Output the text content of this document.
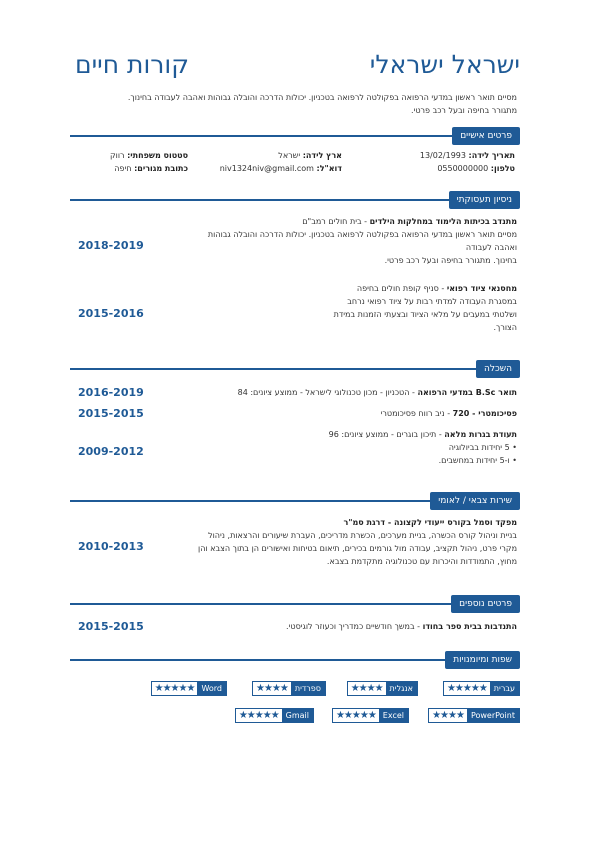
ישראל ישראלי
קורות חיים
מסיים תואר ראשון במדעי הרפואה בפקולטה לרפואה בטכניון. יכולות הדרכה והובלה גבוהות ואהבה לעבודה בחינוך.
מתגורר בחיפה ובעל רכב פרטי.
פרטים אישיים
תאריך לידה: 13/02/1993
טלפון: 0550000000
ארץ לידה: ישראל
דוא"ל: niv1324niv@gmail.com
סטטוס משפחתי: רווק
כתובת מגורים: חיפה
ניסיון תעסוקתי
2018-2019
מתנדב בכיתות הלימוד במחלקות הילדים - בית חולים רמב"ם
מסיים תואר ראשון במדעי הרפואה בפקולטה לרפואה בטכניון. יכולות הדרכה והובלה גבוהות
ואהבה לעבודה
בחינוך. מתגורר בחיפה ובעל רכב פרטי.
2015-2016
מחסנאי ציוד רפואי - סניף קופת חולים בחיפה
במסגרת העבודה למדתי רבות על ציוד רפואי נרחב
ושלטתי במעבים על מלאי הציוד ובצעתי הזמנות במידת
הצורך.
השכלה
2016-2019	תואר B.Sc במדעי הרפואה - הטכניון - מכון טכנולוגי לישראל - ממוצע ציונים: 84
2015-2015	פסיכומטרי - 720 - ניב רווח פסיכומטרי
2009-2012
תעודת בגרות מלאה - תיכון בוגרים - ממוצע ציונים: 96
• 5 יחידות בביולוגיה
• ו-5 יחידות במחשבים.
שירות צבאי / לאומי
2010-2013
מפקד וסמל בקורס ייעודי לקצונה - דרגת סמ"ר
בניית וניהול קורס הכשרה, בניית מערכים, הכשרת מדריכים, העברת שיעורים והרצאות, ניהול
מקרי פרט, ניהול תקציב, עבודה מול גורמים בכירים, תיאום בטיחות ואישורים הן בתוך הצבא והן
מחוץ, התמודדות והיכרות עם טכנולוגיה מתקדמת בצבא.
פרטים נוספים
2015-2015	התנדבות בבית ספר בחודו - במשך חודשיים כמדריך וכעוזר לוגיסטי.
שפות ומיומנויות
עברית
★★★★★
אנגלית
★★★★
ספרדית
★★★★
Word
★★★★★
PowerPoint
★★★★
Excel
★★★★★
Gmail
★★★★★
